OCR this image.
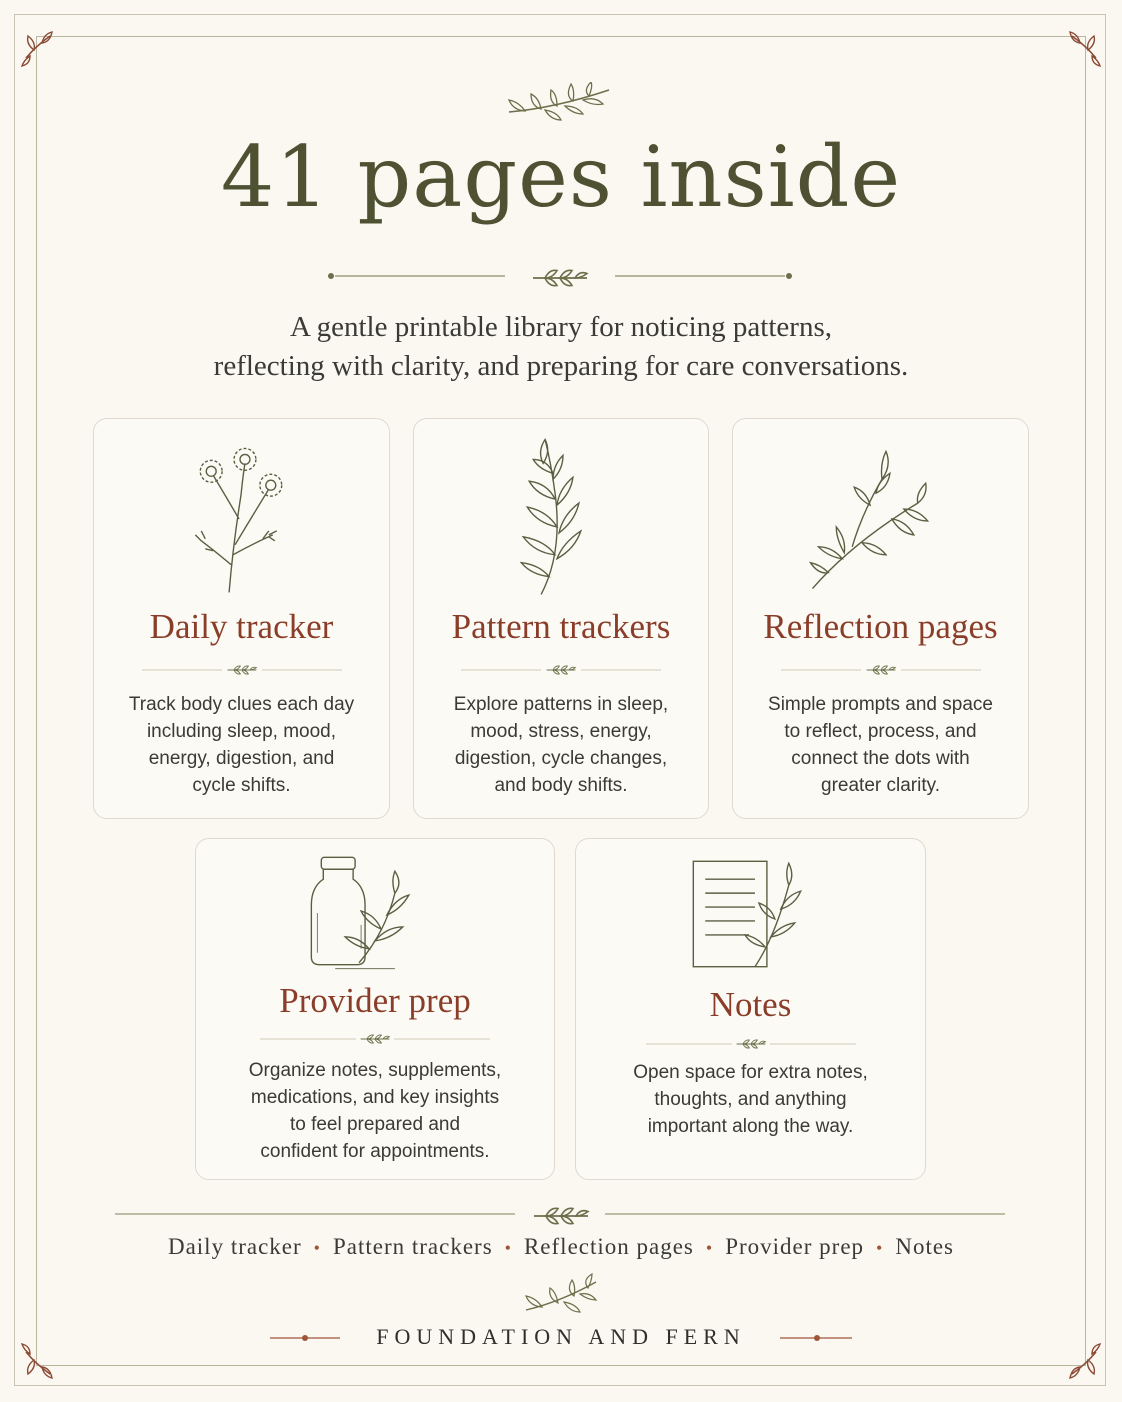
41 pages inside
A gentle printable library for noticing patterns,
reflecting with clarity, and preparing for care conversations.
Daily tracker
Track body clues each day
including sleep, mood,
energy, digestion, and
cycle shifts.
Pattern trackers
Explore patterns in sleep,
mood, stress, energy,
digestion, cycle changes,
and body shifts.
Reflection pages
Simple prompts and space
to reflect, process, and
connect the dots with
greater clarity.
Provider prep
Organize notes, supplements,
medications, and key insights
to feel prepared and
confident for appointments.
Notes
Open space for extra notes,
thoughts, and anything
important along the way.
Daily tracker • Pattern trackers • Reflection pages • Provider prep • Notes
FOUNDATION AND FERN
